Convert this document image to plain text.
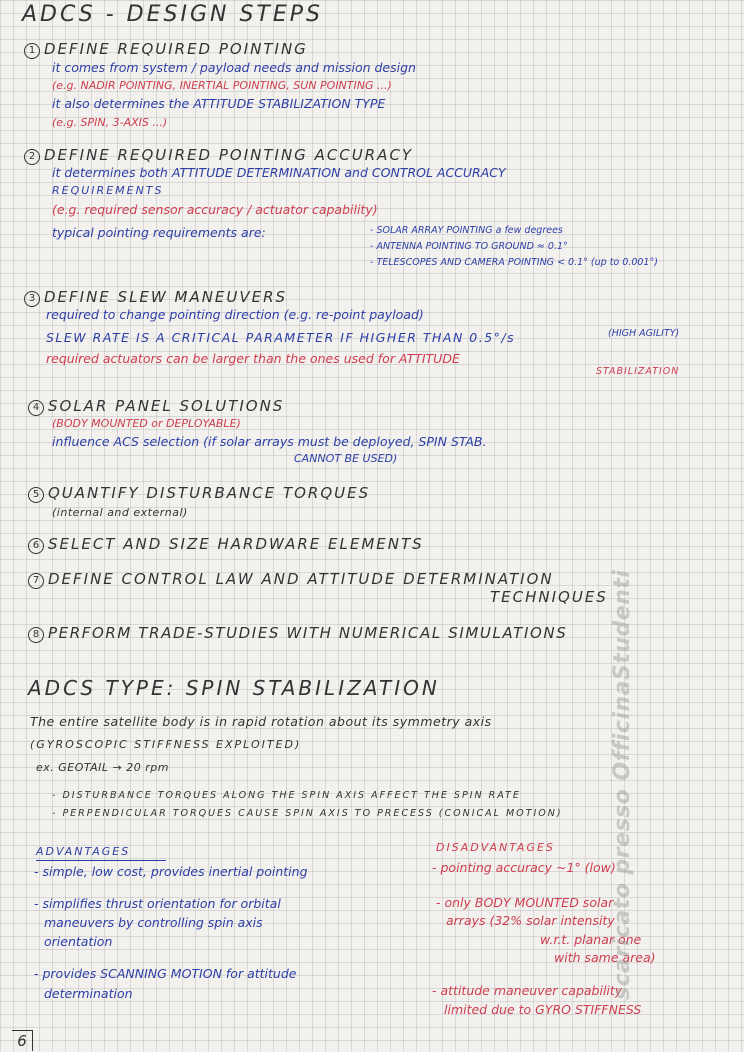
ADCS - DESIGN STEPS
1 DEFINE REQUIRED POINTING
it comes from system / payload needs and mission design
(e.g. NADIR POINTING, INERTIAL POINTING, SUN POINTING ...)
it also determines the ATTITUDE STABILIZATION TYPE
(e.g. SPIN, 3-AXIS ...)
2 DEFINE REQUIRED POINTING ACCURACY
it determines both ATTITUDE DETERMINATION and CONTROL ACCURACY
REQUIREMENTS
(e.g. required sensor accuracy / actuator capability)
typical pointing requirements are:	- SOLAR ARRAY POINTING a few degrees
- ANTENNA POINTING TO GROUND ≈ 0.1°
- TELESCOPES AND CAMERA POINTING < 0.1° (up to 0.001°)
3 DEFINE SLEW MANEUVERS
required to change pointing direction (e.g. re-point payload)
SLEW RATE IS A CRITICAL PARAMETER IF HIGHER THAN 0.5°/s	(HIGH AGILITY)
required actuators can be larger than the ones used for ATTITUDE
STABILIZATION
4 SOLAR PANEL SOLUTIONS
(BODY MOUNTED or DEPLOYABLE)
influence ACS selection (if solar arrays must be deployed, SPIN STAB.
CANNOT BE USED)
5 QUANTIFY DISTURBANCE TORQUES
(internal and external)
6 SELECT AND SIZE HARDWARE ELEMENTS
7 DEFINE CONTROL LAW AND ATTITUDE DETERMINATION
TECHNIQUES
8 PERFORM TRADE-STUDIES WITH NUMERICAL SIMULATIONS
ADCS TYPE: SPIN STABILIZATION
The entire satellite body is in rapid rotation about its symmetry axis
(GYROSCOPIC STIFFNESS EXPLOITED)
ex. GEOTAIL → 20 rpm
- DISTURBANCE TORQUES ALONG THE SPIN AXIS AFFECT THE SPIN RATE
- PERPENDICULAR TORQUES CAUSE SPIN AXIS TO PRECESS (CONICAL MOTION)
ADVANTAGES
- simple, low cost, provides inertial pointing
- simplifies thrust orientation for orbital
maneuvers by controlling spin axis
orientation
- provides SCANNING MOTION for attitude
determination
DISADVANTAGES
- pointing accuracy ~1° (low)
- only BODY MOUNTED solar
arrays (32% solar intensity
w.r.t. planar one
with same area)
- attitude maneuver capability
limited due to GYRO STIFFNESS
scaricato presso OfficinaStudenti
6
